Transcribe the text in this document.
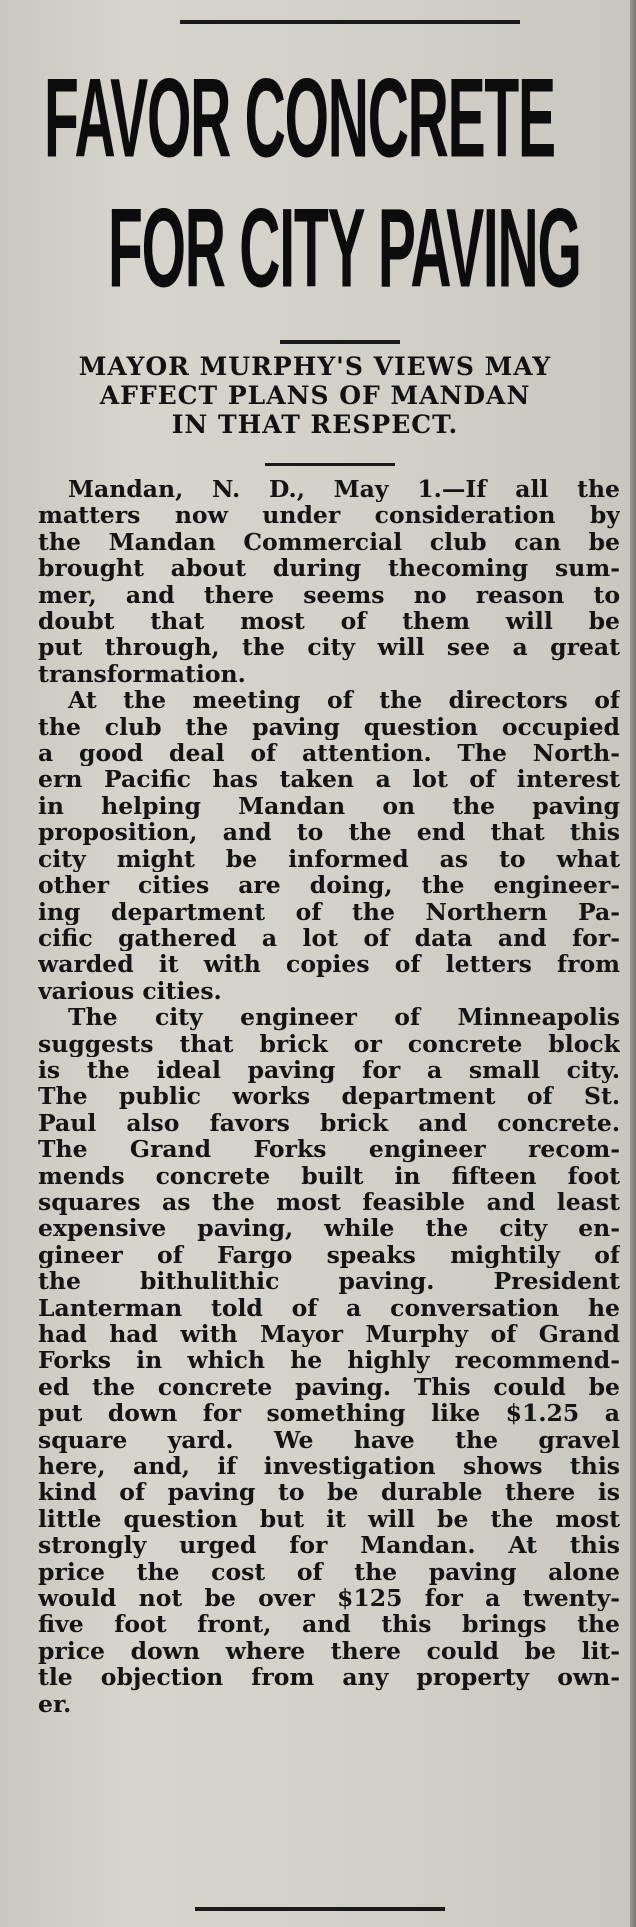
FAVOR CONCRETE
FOR CITY PAVING
MAYOR MURPHY'S VIEWS MAY
AFFECT PLANS OF MANDAN
IN THAT RESPECT.
Mandan, N. D., May 1.—If all the
matters now under consideration by
the Mandan Commercial club can be
brought about during thecoming sum-
mer, and there seems no reason to
doubt that most of them will be
put through, the city will see a great
transformation.
At the meeting of the directors of
the club the paving question occupied
a good deal of attention. The North-
ern Pacific has taken a lot of interest
in helping Mandan on the paving
proposition, and to the end that this
city might be informed as to what
other cities are doing, the engineer-
ing department of the Northern Pa-
cific gathered a lot of data and for-
warded it with copies of letters from
various cities.
The city engineer of Minneapolis
suggests that brick or concrete block
is the ideal paving for a small city.
The public works department of St.
Paul also favors brick and concrete.
The Grand Forks engineer recom-
mends concrete built in fifteen foot
squares as the most feasible and least
expensive paving, while the city en-
gineer of Fargo speaks mightily of
the bithulithic paving. President
Lanterman told of a conversation he
had had with Mayor Murphy of Grand
Forks in which he highly recommend-
ed the concrete paving. This could be
put down for something like $1.25 a
square yard. We have the gravel
here, and, if investigation shows this
kind of paving to be durable there is
little question but it will be the most
strongly urged for Mandan. At this
price the cost of the paving alone
would not be over $125 for a twenty-
five foot front, and this brings the
price down where there could be lit-
tle objection from any property own-
er.
